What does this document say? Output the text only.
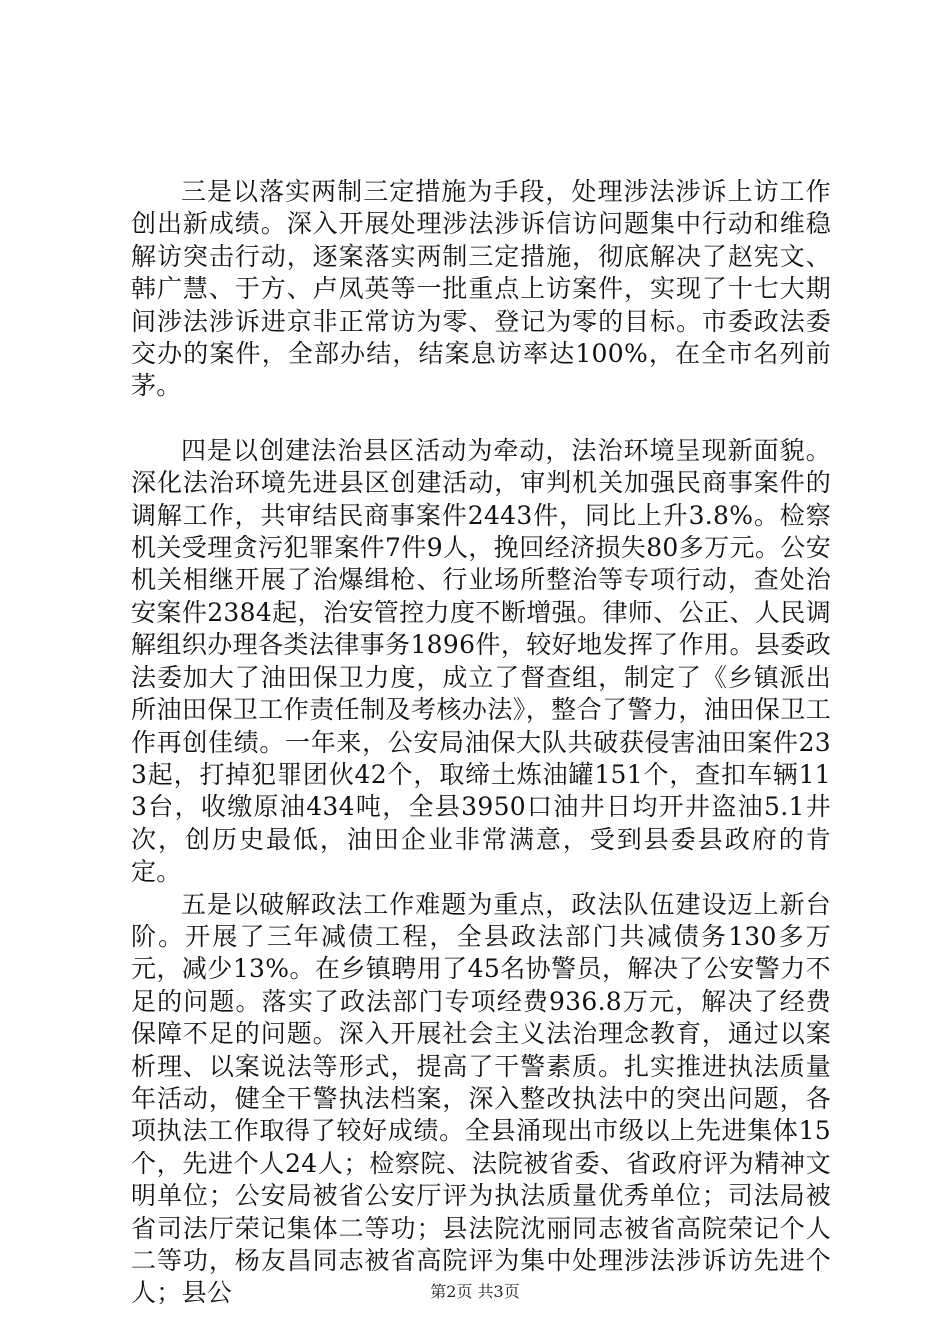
三是以落实两制三定措施为手段，处理涉法涉诉上访工作创出新成绩。深入开展处理涉法涉诉信访问题集中行动和维稳解访突击行动，逐案落实两制三定措施，彻底解决了赵宪文、韩广慧、于方、卢凤英等一批重点上访案件，实现了十七大期间涉法涉诉进京非正常访为零、登记为零的目标。市委政法委交办的案件，全部办结，结案息访率达100%，在全市名列前茅。

四是以创建法治县区活动为牵动，法治环境呈现新面貌。深化法治环境先进县区创建活动，审判机关加强民商事案件的调解工作，共审结民商事案件2443件，同比上升3.8%。检察机关受理贪污犯罪案件7件9人，挽回经济损失80多万元。公安机关相继开展了治爆缉枪、行业场所整治等专项行动，查处治安案件2384起，治安管控力度不断增强。律师、公正、人民调解组织办理各类法律事务1896件，较好地发挥了作用。县委政法委加大了油田保卫力度，成立了督查组，制定了《乡镇派出所油田保卫工作责任制及考核办法》，整合了警力，油田保卫工作再创佳绩。一年来，公安局油保大队共破获侵害油田案件233起，打掉犯罪团伙42个，取缔土炼油罐151个，查扣车辆113台，收缴原油434吨，全县3950口油井日均开井盗油5.1井次，创历史最低，油田企业非常满意，受到县委县政府的肯定。

五是以破解政法工作难题为重点，政法队伍建设迈上新台阶。开展了三年减债工程，全县政法部门共减债务130多万元，减少13%。在乡镇聘用了45名协警员，解决了公安警力不足的问题。落实了政法部门专项经费936.8万元，解决了经费保障不足的问题。深入开展社会主义法治理念教育，通过以案析理、以案说法等形式，提高了干警素质。扎实推进执法质量年活动，健全干警执法档案，深入整改执法中的突出问题，各项执法工作取得了较好成绩。全县涌现出市级以上先进集体15个，先进个人24人；检察院、法院被省委、省政府评为精神文明单位；公安局被省公安厅评为执法质量优秀单位；司法局被省司法厅荣记集体二等功；县法院沈丽同志被省高院荣记个人二等功，杨友昌同志被省高院评为集中处理涉法涉诉访先进个人；县公	第2页 共3页
